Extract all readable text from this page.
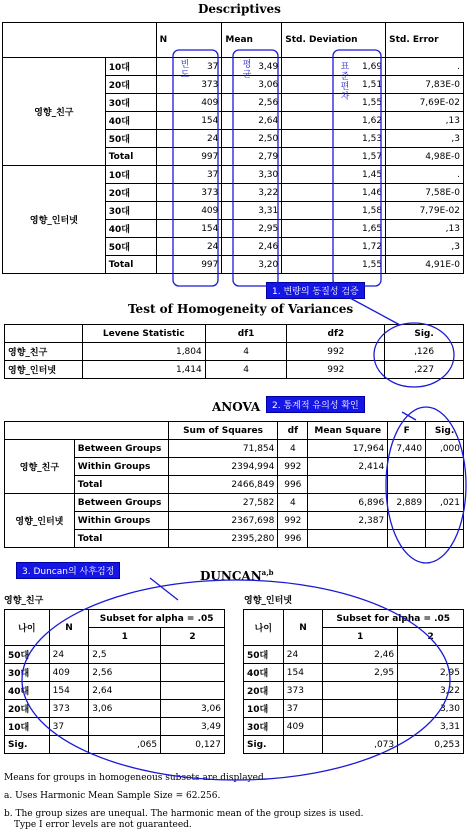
Descriptives
		N	Mean	Std. Deviation	Std. Error
영향_친구	10대	37	3,49	1,69	.
	20대	373	3,06	1,51	7,83E-0
	30대	409	2,56	1,55	7,69E-02
	40대	154	2,64	1,62	,13
	50대	24	2,50	1,53	,3
	Total	997	2,79	1,57	4,98E-0
영향_인터넷	10대	37	3,30	1,45	.
	20대	373	3,22	1,46	7,58E-0
	30대	409	3,31	1,58	7,79E-02
	40대	154	2,95	1,65	,13
	50대	24	2,46	1,72	,3
	Total	997	3,20	1,55	4,91E-0
빈
도
평
균
표
준
편
차
1. 변량의 동질성 검증
Test of Homogeneity of Variances
	Levene Statistic	df1	df2	Sig.
영향_친구	1,804	4	992	,126
영향_인터넷	1,414	4	992	,227
ANOVA	2. 통계적 유의성 확인
		Sum of Squares	df	Mean Square	F	Sig.
영향_친구	Between Groups	71,854	4	17,964	7,440	,000
	Within Groups	2394,994	992	2,414		
	Total	2466,849	996			
영향_인터넷	Between Groups	27,582	4	6,896	2,889	,021
	Within Groups	2367,698	992	2,387		
	Total	2395,280	996			
3. Duncan의 사후검정	DUNCAN$^{a,b}$
영향_친구	영향_인터넷
나이	N	Subset for alpha = .05	
		1	2
50대	24	2,5	
30대	409	2,56	
40대	154	2,64	
20대	373	3,06	3,06
10대	37		3,49
Sig.		,065	0,127
나이	N	Subset for alpha = .05	
		1	2
50대	24	2,46	
40대	154	2,95	2,95
20대	373		3,22
10대	37		3,30
30대	409		3,31
Sig.		,073	0,253
Means for groups in homogeneous subsets are displayed.
a. Uses Harmonic Mean Sample Size = 62.256.
b. The group sizes are unequal. The harmonic mean of the group sizes is used.
Type I error levels are not guaranteed.
